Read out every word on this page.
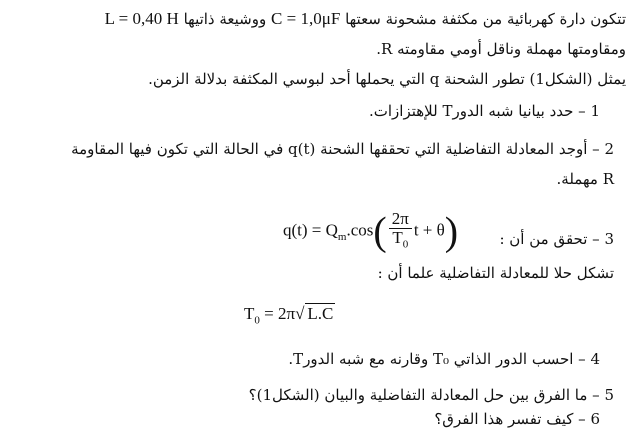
تتكون دارة كهربائية من مكثفة مشحونة سعتها C = 1,0μF ووشيعة ذاتيها L = 0,40 H
ومقاومتها مهملة وناقل أومي مقاومته R.
يمثل (الشكل1) تطور الشحنة q التي يحملها أحد لبوسي المكثفة بدلالة الزمن.
1 – حدد بيانيا شبه الدورT للإهتزازات.
2 – أوجد المعادلة التفاضلية التي تحققها الشحنة q(t) في الحالة التي تكون فيها المقاومة
R مهملة.
3 – تحقق من أن :
$q(t) = Q_m.\cos( \frac{2\pi}{T_0}$ t + θ)
تشكل حلا للمعادلة التفاضلية علما أن :
$T_0 = 2\pi√$ L.C
4 – احسب الدور الذاتي T₀ وقارنه مع شبه الدورT.
5 – ما الفرق بين حل المعادلة التفاضلية والبيان (الشكل1)؟
6 – كيف تفسر هذا الفرق؟
